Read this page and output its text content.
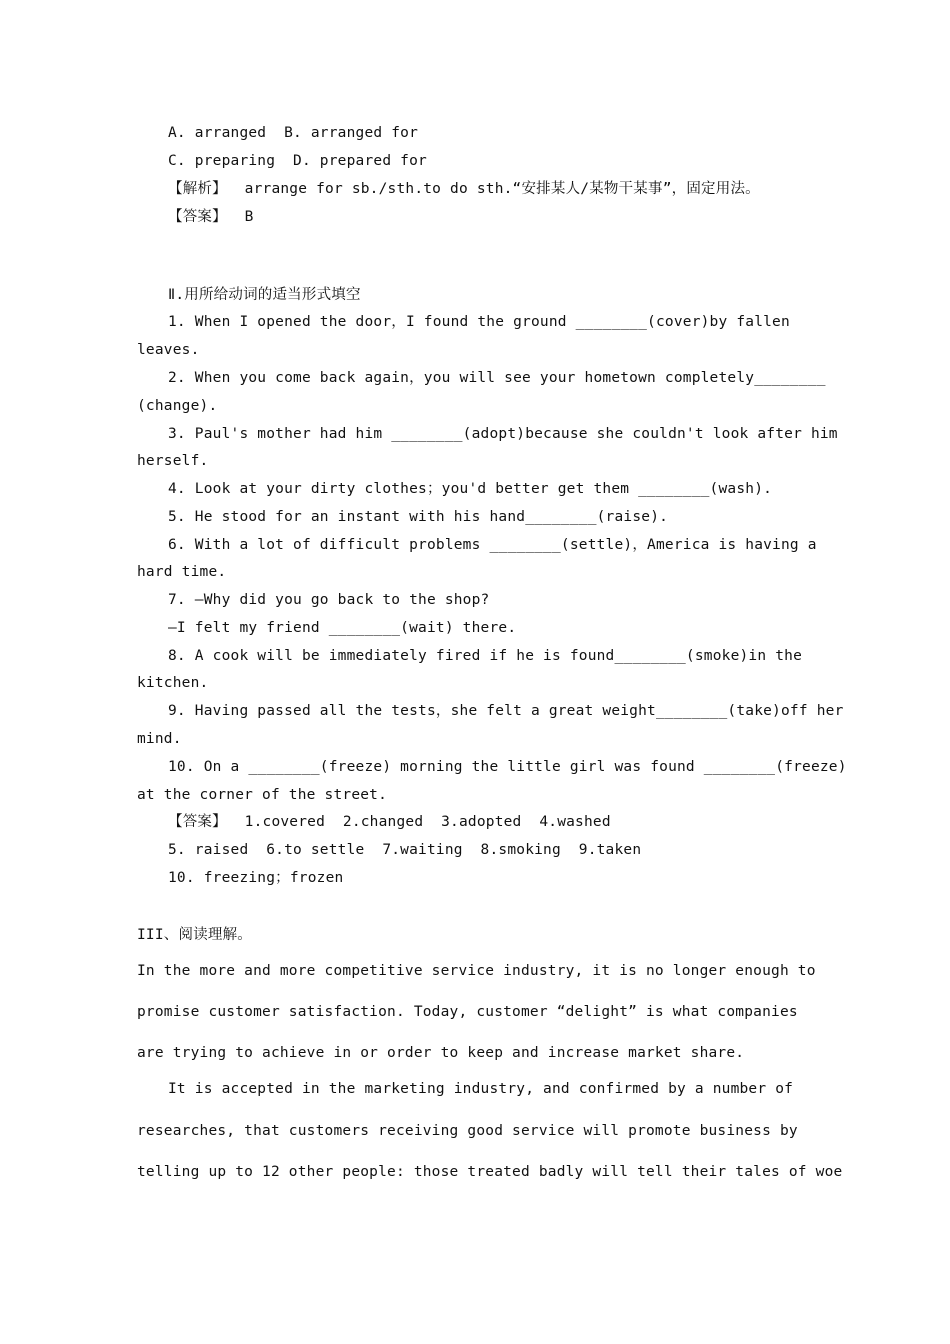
A. arranged  B. arranged for
C. preparing  D. prepared for
【解析】  arrange for sb./sth.to do sth.“安排某人/某物干某事”，固定用法。
【答案】  B
Ⅱ.用所给动词的适当形式填空
1. When I opened the door，I found the ground ________(cover)by fallen
leaves.
2. When you come back again，you will see your hometown completely________
(change).
3. Paul's mother had him ________(adopt)because she couldn't look after him
herself.
4. Look at your dirty clothes；you'd better get them ________(wash).
5. He stood for an instant with his hand________(raise).
6. With a lot of difficult problems ________(settle)，America is having a
hard time.
7. —Why did you go back to the shop?
—I felt my friend ________(wait) there.
8. A cook will be immediately fired if he is found________(smoke)in the
kitchen.
9. Having passed all the tests，she felt a great weight________(take)off her
mind.
10. On a ________(freeze) morning the little girl was found ________(freeze)
at the corner of the street.
【答案】  1.covered  2.changed  3.adopted  4.washed
5. raised  6.to settle  7.waiting  8.smoking  9.taken
10. freezing；frozen
III、阅读理解。
In the more and more competitive service industry, it is no longer enough to
promise customer satisfaction. Today, customer “delight” is what companies
are trying to achieve in or order to keep and increase market share.
It is accepted in the marketing industry, and confirmed by a number of
researches, that customers receiving good service will promote business by
telling up to 12 other people: those treated badly will tell their tales of woe
